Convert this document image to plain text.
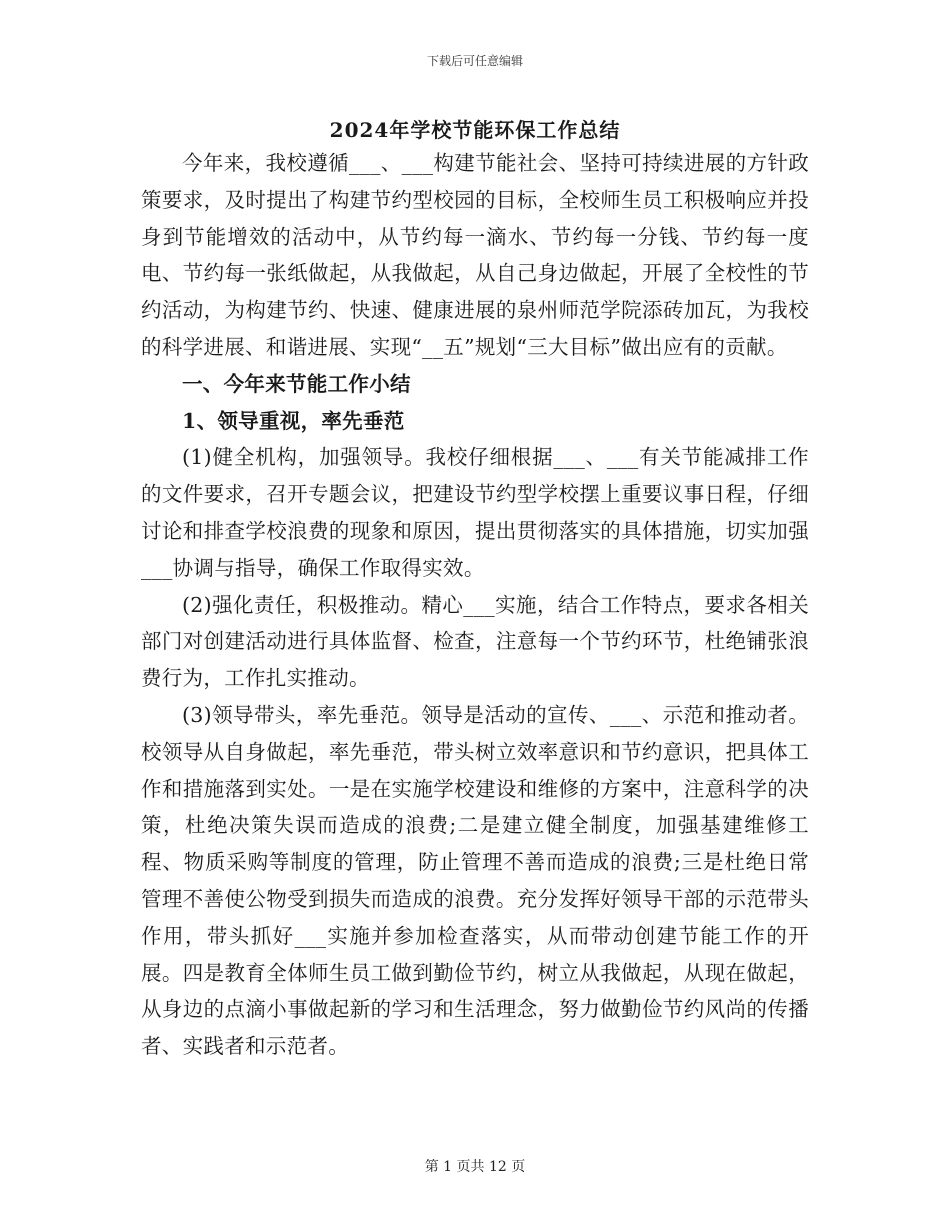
下载后可任意编辑
2024年学校节能环保工作总结

今年来，我校遵循___、___构建节能社会、坚持可持续进展的方针政策要求，及时提出了构建节约型校园的目标，全校师生员工积极响应并投身到节能增效的活动中，从节约每一滴水、节约每一分钱、节约每一度电、节约每一张纸做起，从我做起，从自己身边做起，开展了全校性的节约活动，为构建节约、快速、健康进展的泉州师范学院添砖加瓦，为我校的科学进展、和谐进展、实现“__五”规划“三大目标”做出应有的贡献。

一、今年来节能工作小结

1、领导重视，率先垂范

(1)健全机构，加强领导。我校仔细根据___、___有关节能减排工作的文件要求，召开专题会议，把建设节约型学校摆上重要议事日程，仔细讨论和排查学校浪费的现象和原因，提出贯彻落实的具体措施，切实加强___协调与指导，确保工作取得实效。

(2)强化责任，积极推动。精心___实施，结合工作特点，要求各相关部门对创建活动进行具体监督、检查，注意每一个节约环节，杜绝铺张浪费行为，工作扎实推动。

(3)领导带头，率先垂范。领导是活动的宣传、___、示范和推动者。校领导从自身做起，率先垂范，带头树立效率意识和节约意识，把具体工作和措施落到实处。一是在实施学校建设和维修的方案中，注意科学的决策，杜绝决策失误而造成的浪费;二是建立健全制度，加强基建维修工程、物质采购等制度的管理，防止管理不善而造成的浪费;三是杜绝日常管理不善使公物受到损失而造成的浪费。充分发挥好领导干部的示范带头作用，带头抓好___实施并参加检查落实，从而带动创建节能工作的开展。四是教育全体师生员工做到勤俭节约，树立从我做起，从现在做起，从身边的点滴小事做起新的学习和生活理念，努力做勤俭节约风尚的传播者、实践者和示范者。

第 1 页共 12 页
